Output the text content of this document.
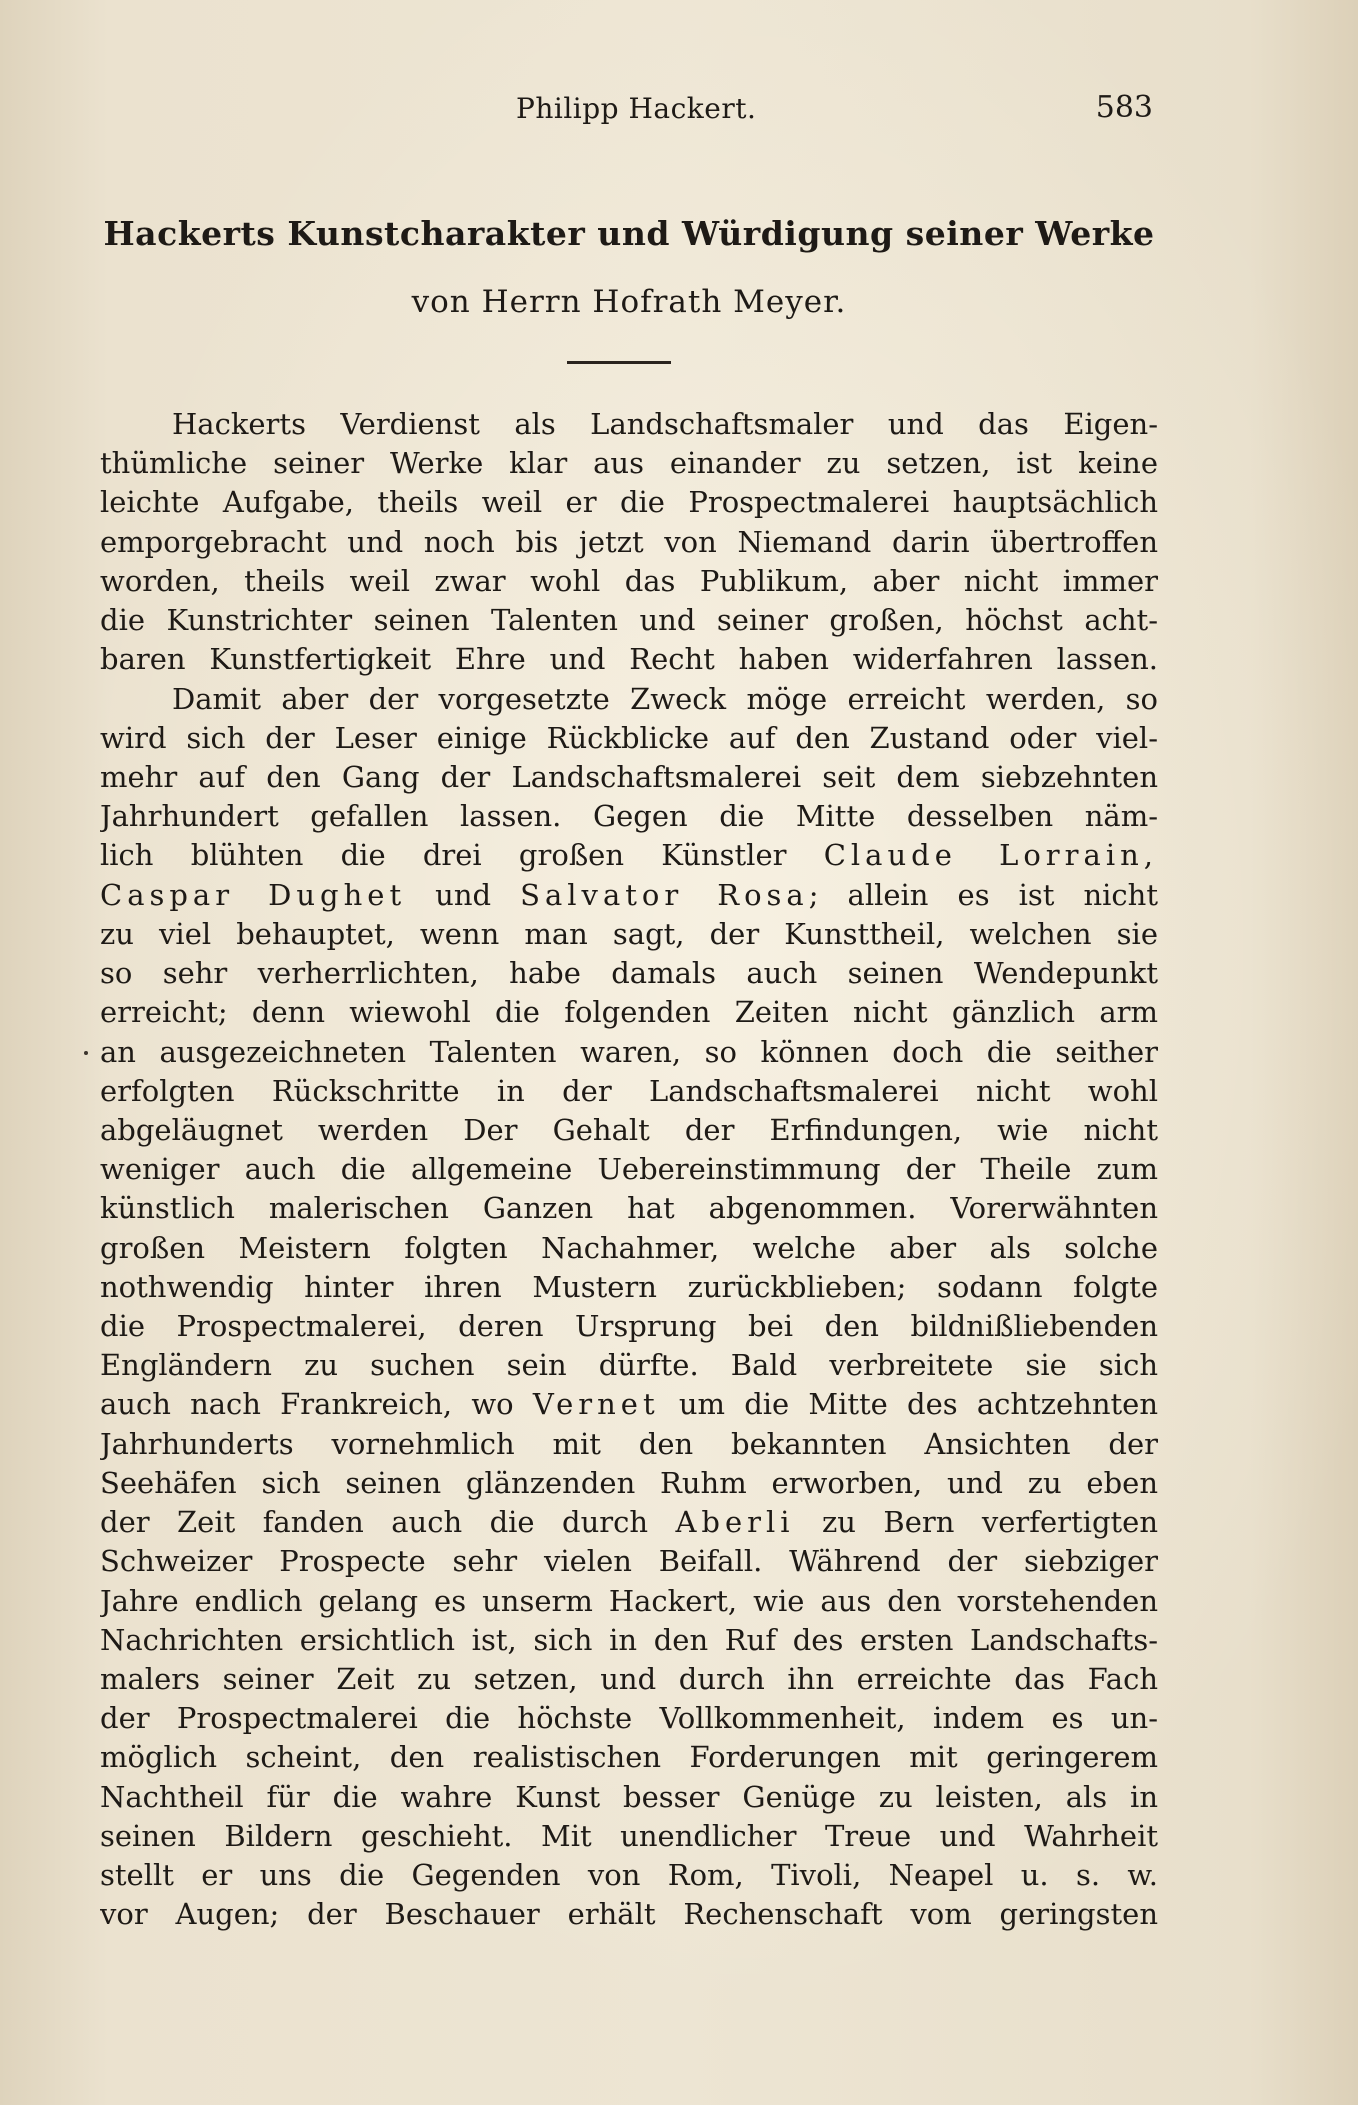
Philipp Hackert.	583
Hackerts Kunstcharakter und Würdigung seiner Werke
von Herrn Hofrath Meyer.
Hackerts Verdienst als Landschaftsmaler und das Eigen-
thümliche seiner Werke klar aus einander zu setzen, ist keine
leichte Aufgabe, theils weil er die Prospectmalerei hauptsächlich
emporgebracht und noch bis jetzt von Niemand darin übertroffen
worden, theils weil zwar wohl das Publikum, aber nicht immer
die Kunstrichter seinen Talenten und seiner großen, höchst acht-
baren Kunstfertigkeit Ehre und Recht haben widerfahren lassen.
Damit aber der vorgesetzte Zweck möge erreicht werden, so
wird sich der Leser einige Rückblicke auf den Zustand oder viel-
mehr auf den Gang der Landschaftsmalerei seit dem siebzehnten
Jahrhundert gefallen lassen. Gegen die Mitte desselben näm-
lich blühten die drei großen Künstler Claude Lorrain,
Caspar Dughet und Salvator Rosa; allein es ist nicht
zu viel behauptet, wenn man sagt, der Kunsttheil, welchen sie
so sehr verherrlichten, habe damals auch seinen Wendepunkt
erreicht; denn wiewohl die folgenden Zeiten nicht gänzlich arm
an ausgezeichneten Talenten waren, so können doch die seither
erfolgten Rückschritte in der Landschaftsmalerei nicht wohl
abgeläugnet werden Der Gehalt der Erfindungen, wie nicht
weniger auch die allgemeine Uebereinstimmung der Theile zum
künstlich malerischen Ganzen hat abgenommen. Vorerwähnten
großen Meistern folgten Nachahmer, welche aber als solche
nothwendig hinter ihren Mustern zurückblieben; sodann folgte
die Prospectmalerei, deren Ursprung bei den bildnißliebenden
Engländern zu suchen sein dürfte. Bald verbreitete sie sich
auch nach Frankreich, wo Vernet um die Mitte des achtzehnten
Jahrhunderts vornehmlich mit den bekannten Ansichten der
Seehäfen sich seinen glänzenden Ruhm erworben, und zu eben
der Zeit fanden auch die durch Aberli zu Bern verfertigten
Schweizer Prospecte sehr vielen Beifall. Während der siebziger
Jahre endlich gelang es unserm Hackert, wie aus den vorstehenden
Nachrichten ersichtlich ist, sich in den Ruf des ersten Landschafts-
malers seiner Zeit zu setzen, und durch ihn erreichte das Fach
der Prospectmalerei die höchste Vollkommenheit, indem es un-
möglich scheint, den realistischen Forderungen mit geringerem
Nachtheil für die wahre Kunst besser Genüge zu leisten, als in
seinen Bildern geschieht. Mit unendlicher Treue und Wahrheit
stellt er uns die Gegenden von Rom, Tivoli, Neapel u. s. w.
vor Augen; der Beschauer erhält Rechenschaft vom geringsten
